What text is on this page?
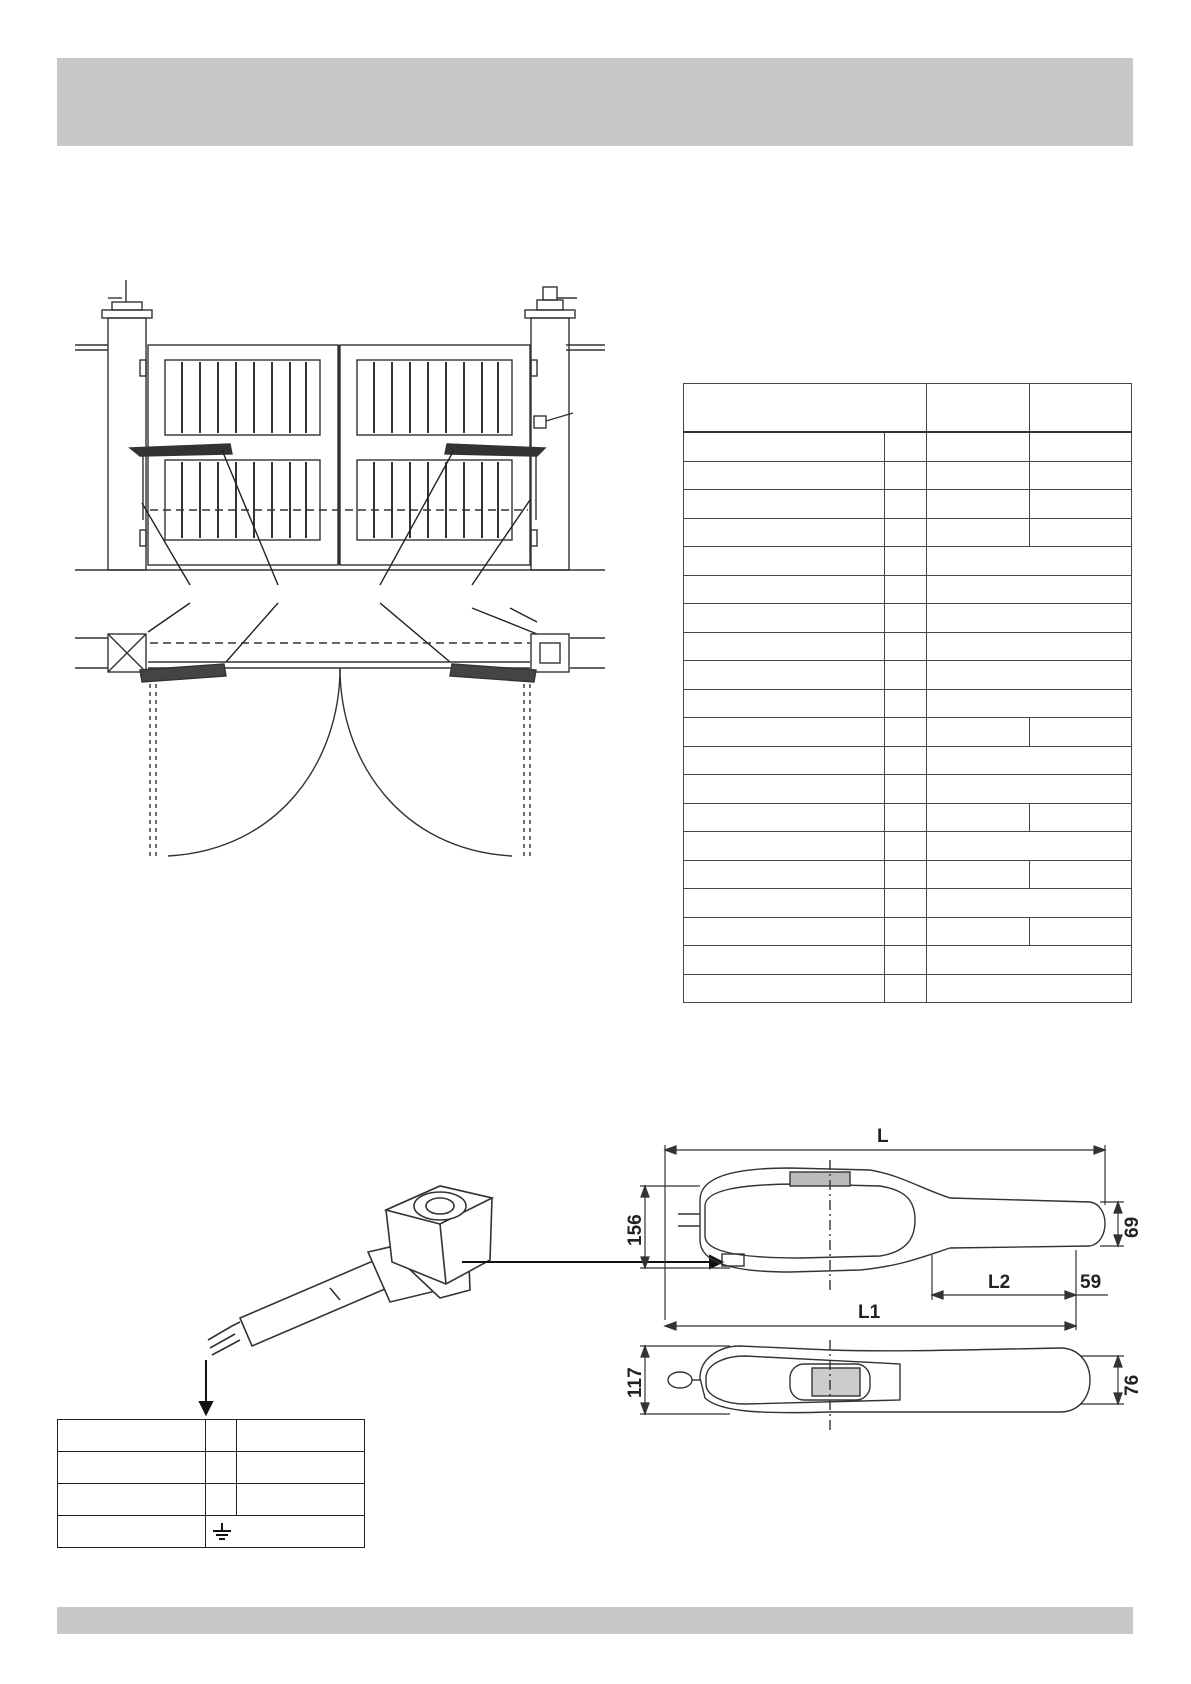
L
L1
L2	59
156	69
117	76
